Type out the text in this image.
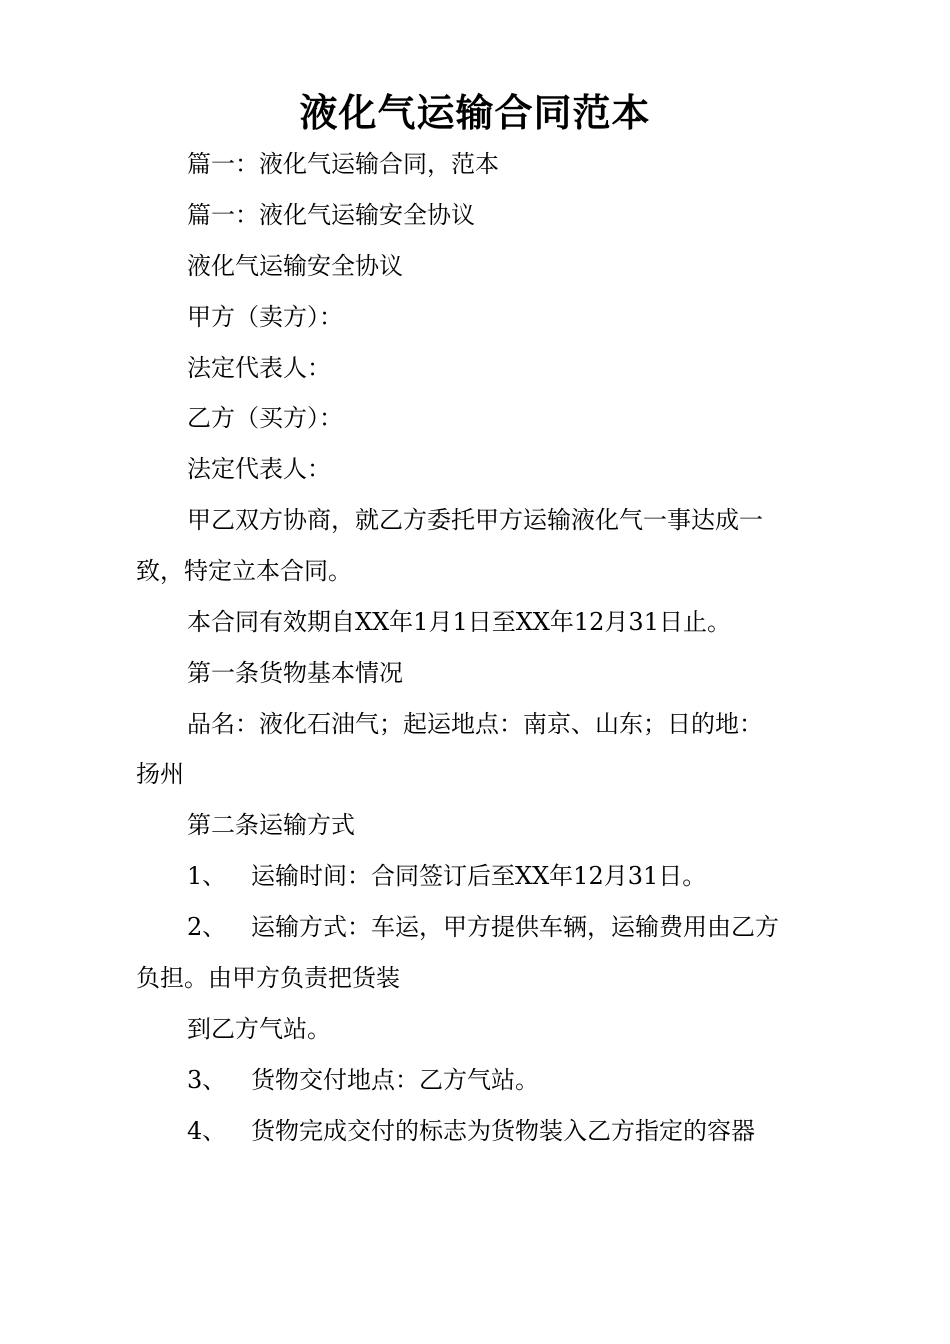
液化气运输合同范本
篇一：液化气运输合同，范本
篇一：液化气运输安全协议
液化气运输安全协议
甲方（卖方）：
法定代表人：
乙方（买方）：
法定代表人：
甲乙双方协商，就乙方委托甲方运输液化气一事达成一
致，特定立本合同。
本合同有效期自XX年1月1日至XX年12月31日止。
第一条货物基本情况
品名：液化石油气；起运地点：南京、山东；日的地：
扬州
第二条运输方式
1、 运输时间：合同签订后至XX年12月31日。
2、 运输方式：车运，甲方提供车辆，运输费用由乙方
负担。由甲方负责把货装
到乙方气站。
3、 货物交付地点：乙方气站。
4、 货物完成交付的标志为货物装入乙方指定的容器
